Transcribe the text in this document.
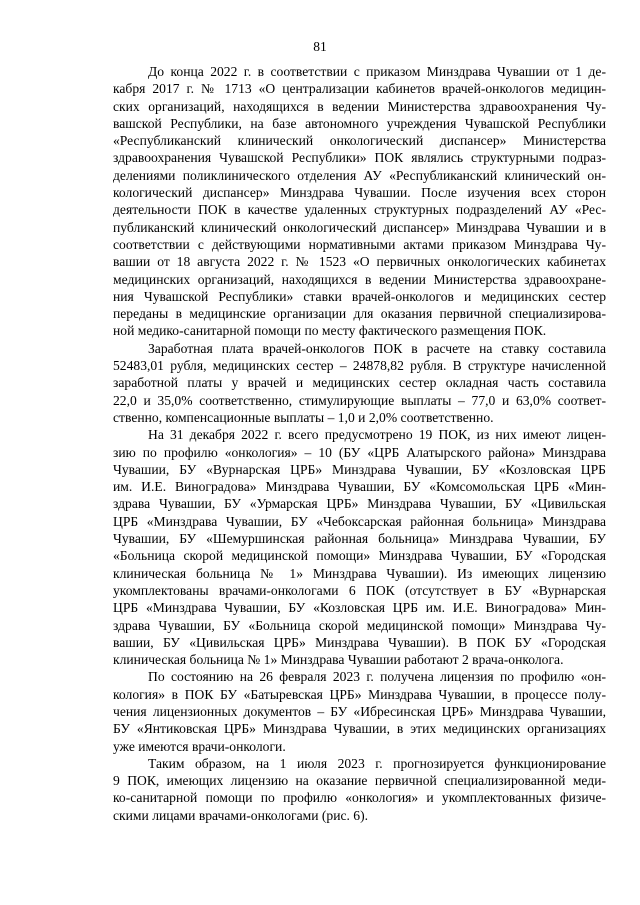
81

До конца 2022 г. в соответствии с приказом Минздрава Чувашии от 1 де-
кабря 2017 г. № 1713 «О централизации кабинетов врачей-онкологов медицин-
ских организаций, находящихся в ведении Министерства здравоохранения Чу-
вашской Республики, на базе автономного учреждения Чувашской Республики
«Республиканский клинический онкологический диспансер» Министерства
здравоохранения Чувашской Республики» ПОК являлись структурными подраз-
делениями поликлинического отделения АУ «Республиканский клинический он-
кологический диспансер» Минздрава Чувашии. После изучения всех сторон
деятельности ПОК в качестве удаленных структурных подразделений АУ «Рес-
публиканский клинический онкологический диспансер» Минздрава Чувашии и в
соответствии с действующими нормативными актами приказом Минздрава Чу-
вашии от 18 августа 2022 г. № 1523 «О первичных онкологических кабинетах
медицинских организаций, находящихся в ведении Министерства здравоохране-
ния Чувашской Республики» ставки врачей-онкологов и медицинских сестер
переданы в медицинские организации для оказания первичной специализирова-
ной медико-санитарной помощи по месту фактического размещения ПОК.

Заработная плата врачей-онкологов ПОК в расчете на ставку составила
52483,01 рубля, медицинских сестер – 24878,82 рубля. В структуре начисленной
заработной платы у врачей и медицинских сестер окладная часть составила
22,0 и 35,0% соответственно, стимулирующие выплаты – 77,0 и 63,0% соответ-
ственно, компенсационные выплаты – 1,0 и 2,0% соответственно.

На 31 декабря 2022 г. всего предусмотрено 19 ПОК, из них имеют лицен-
зию по профилю «онкология» – 10 (БУ «ЦРБ Алатырского района» Минздрава
Чувашии, БУ «Вурнарская ЦРБ» Минздрава Чувашии, БУ «Козловская ЦРБ
им. И.Е. Виноградова» Минздрава Чувашии, БУ «Комсомольская ЦРБ «Мин-
здрава Чувашии, БУ «Урмарская ЦРБ» Минздрава Чувашии, БУ «Цивильская
ЦРБ «Минздрава Чувашии, БУ «Чебоксарская районная больница» Минздрава
Чувашии, БУ «Шемуршинская районная больница» Минздрава Чувашии, БУ
«Больница скорой медицинской помощи» Минздрава Чувашии, БУ «Городская
клиническая больница № 1» Минздрава Чувашии). Из имеющих лицензию
укомплектованы врачами-онкологами 6 ПОК (отсутствует в БУ «Вурнарская
ЦРБ «Минздрава Чувашии, БУ «Козловская ЦРБ им. И.Е. Виноградова» Мин-
здрава Чувашии, БУ «Больница скорой медицинской помощи» Минздрава Чу-
вашии, БУ «Цивильская ЦРБ» Минздрава Чувашии). В ПОК БУ «Городская
клиническая больница № 1» Минздрава Чувашии работают 2 врача-онколога.

По состоянию на 26 февраля 2023 г. получена лицензия по профилю «он-
кология» в ПОК БУ «Батыревская ЦРБ» Минздрава Чувашии, в процессе полу-
чения лицензионных документов – БУ «Ибресинская ЦРБ» Минздрава Чувашии,
БУ «Янтиковская ЦРБ» Минздрава Чувашии, в этих медицинских организациях
уже имеются врачи-онкологи.

Таким образом, на 1 июля 2023 г. прогнозируется функционирование
9 ПОК, имеющих лицензию на оказание первичной специализированной меди-
ко-санитарной помощи по профилю «онкология» и укомплектованных физиче-
скими лицами врачами-онкологами (рис. 6).
